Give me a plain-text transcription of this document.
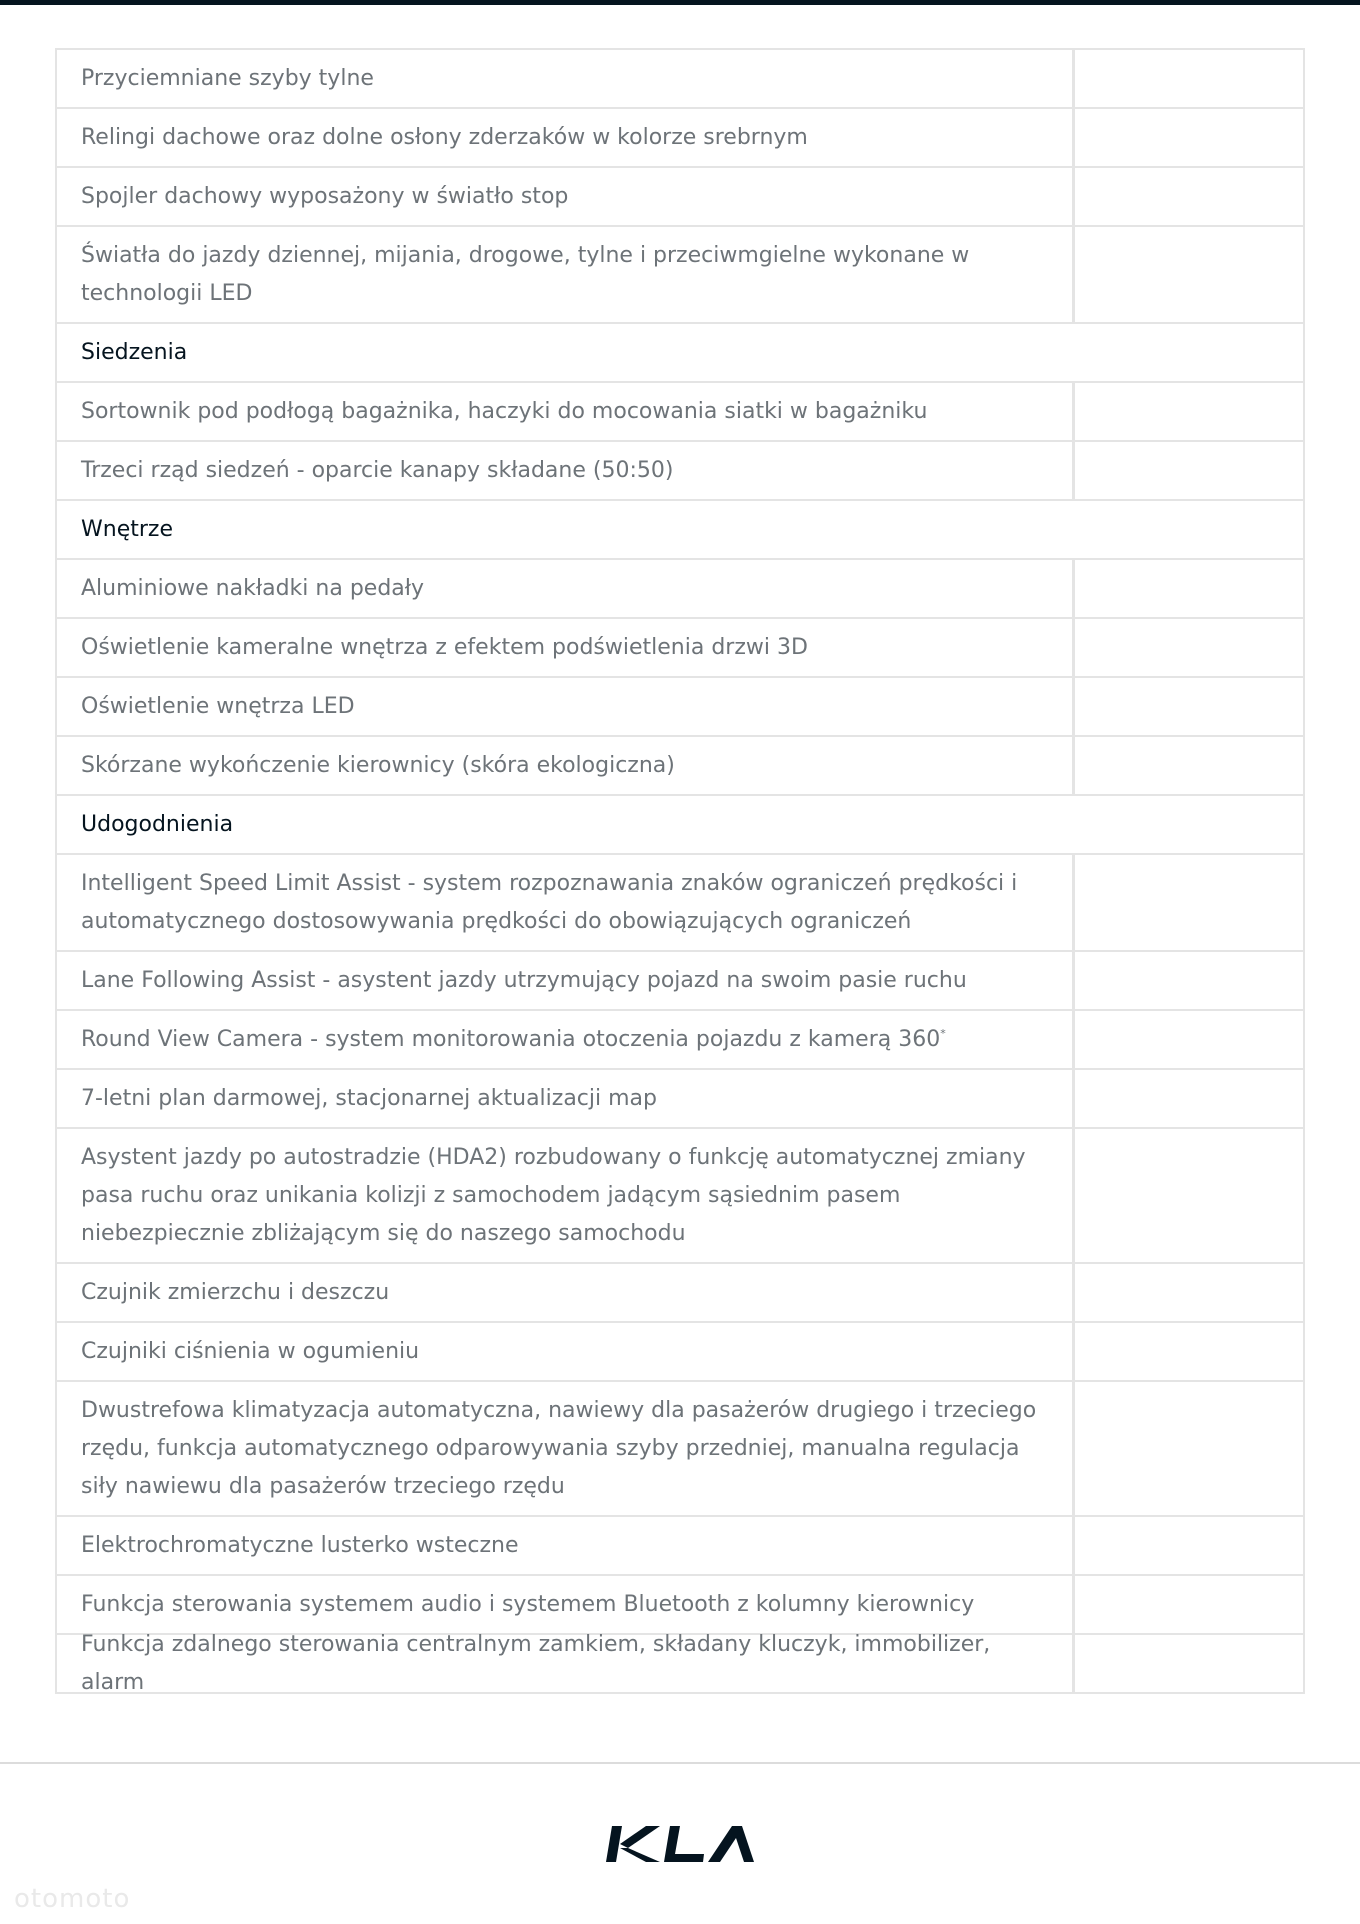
Przyciemniane szyby tylne
Relingi dachowe oraz dolne osłony zderzaków w kolorze srebrnym
Spojler dachowy wyposażony w światło stop
Światła do jazdy dziennej, mijania, drogowe, tylne i przeciwmgielne wykonane w technologii LED
Siedzenia
Sortownik pod podłogą bagażnika, haczyki do mocowania siatki w bagażniku
Trzeci rząd siedzeń - oparcie kanapy składane (50:50)
Wnętrze
Aluminiowe nakładki na pedały
Oświetlenie kameralne wnętrza z efektem podświetlenia drzwi 3D
Oświetlenie wnętrza LED
Skórzane wykończenie kierownicy (skóra ekologiczna)
Udogodnienia
Intelligent Speed Limit Assist - system rozpoznawania znaków ograniczeń prędkości i automatycznego dostosowywania prędkości do obowiązujących ograniczeń
Lane Following Assist - asystent jazdy utrzymujący pojazd na swoim pasie ruchu
Round View Camera - system monitorowania otoczenia pojazdu z kamerą 360*
7-letni plan darmowej, stacjonarnej aktualizacji map
Asystent jazdy po autostradzie (HDA2) rozbudowany o funkcję automatycznej zmiany pasa ruchu oraz unikania kolizji z samochodem jadącym sąsiednim pasem niebezpiecznie zbliżającym się do naszego samochodu
Czujnik zmierzchu i deszczu
Czujniki ciśnienia w ogumieniu
Dwustrefowa klimatyzacja automatyczna, nawiewy dla pasażerów drugiego i trzeciego rzędu, funkcja automatycznego odparowywania szyby przedniej, manualna regulacja siły nawiewu dla pasażerów trzeciego rzędu
Elektrochromatyczne lusterko wsteczne
Funkcja sterowania systemem audio i systemem Bluetooth z kolumny kierownicy
Funkcja zdalnego sterowania centralnym zamkiem, składany kluczyk, immobilizer, alarm
otomoto
